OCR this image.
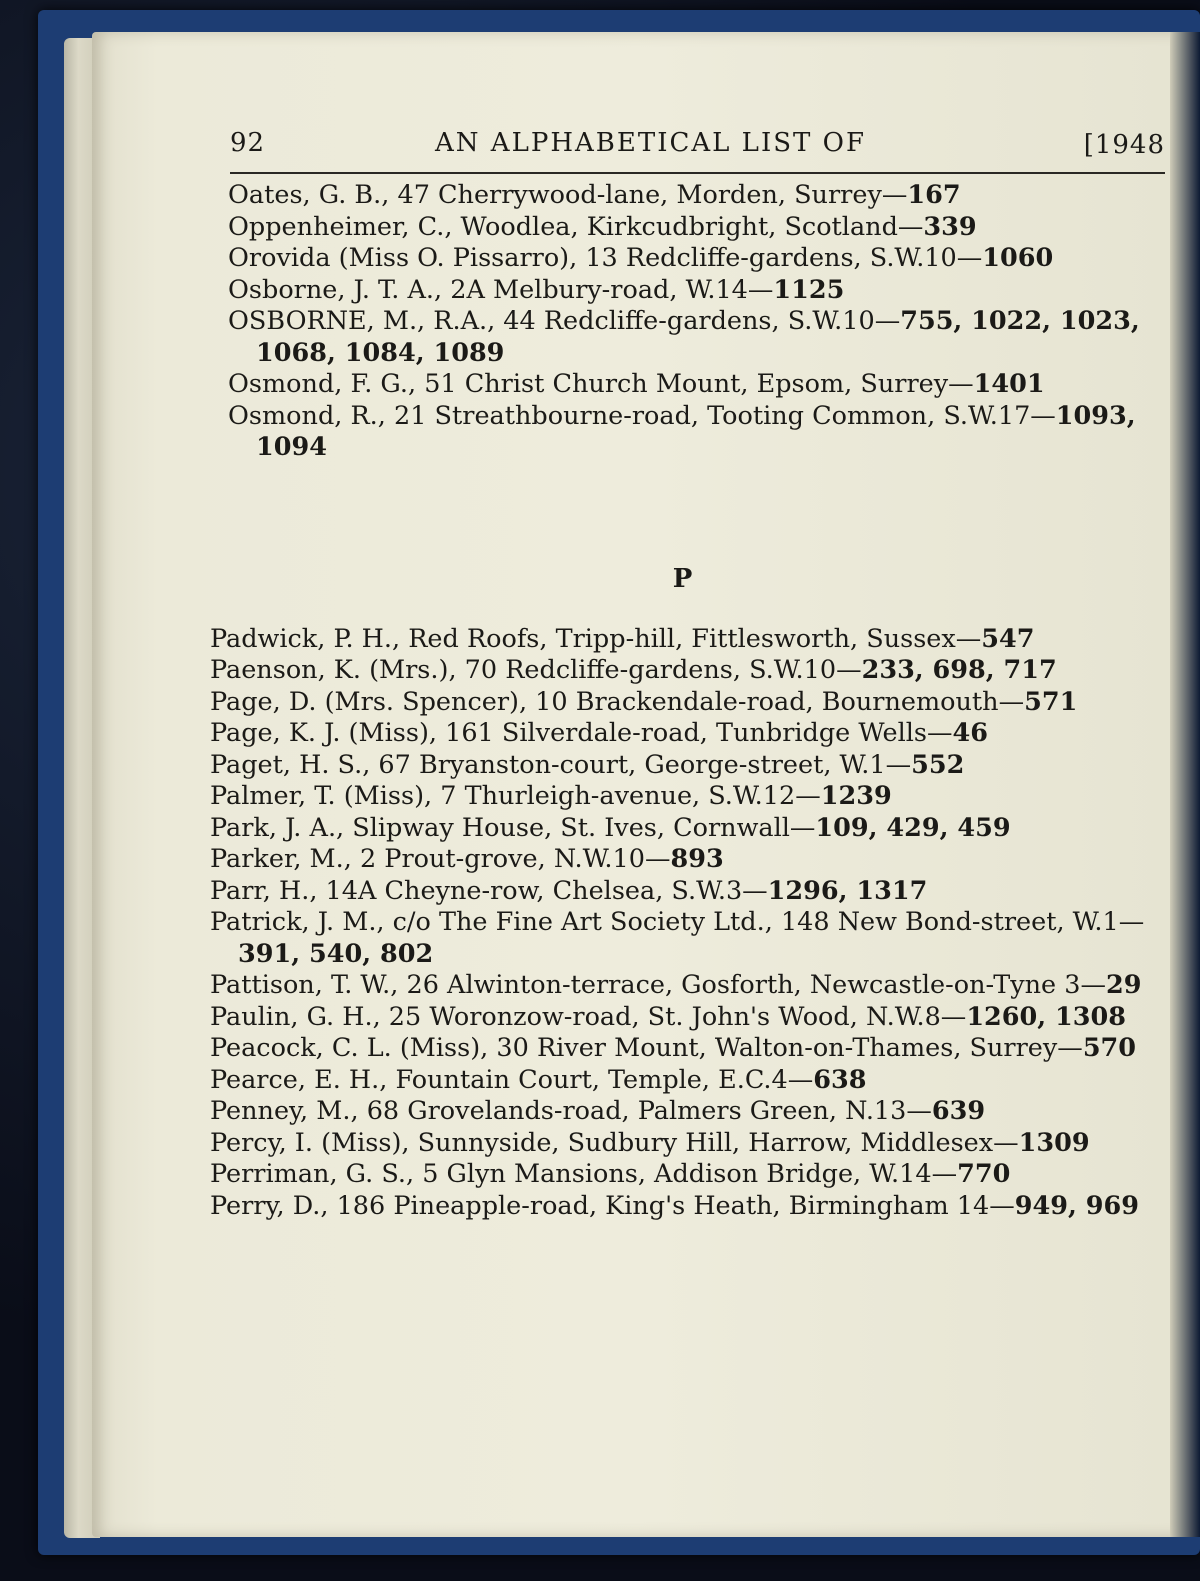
92	AN ALPHABETICAL LIST OF	[1948
Oates, G. B., 47 Cherrywood-lane, Morden, Surrey—167
Oppenheimer, C., Woodlea, Kirkcudbright, Scotland—339
Orovida (Miss O. Pissarro), 13 Redcliffe-gardens, S.W.10—1060
Osborne, J. T. A., 2A Melbury-road, W.14—1125
OSBORNE, M., R.A., 44 Redcliffe-gardens, S.W.10—755, 1022, 1023, 1068, 1084, 1089
Osmond, F. G., 51 Christ Church Mount, Epsom, Surrey—1401
Osmond, R., 21 Streathbourne-road, Tooting Common, S.W.17—1093, 1094
P
Padwick, P. H., Red Roofs, Tripp-hill, Fittlesworth, Sussex—547
Paenson, K. (Mrs.), 70 Redcliffe-gardens, S.W.10—233, 698, 717
Page, D. (Mrs. Spencer), 10 Brackendale-road, Bournemouth—571
Page, K. J. (Miss), 161 Silverdale-road, Tunbridge Wells—46
Paget, H. S., 67 Bryanston-court, George-street, W.1—552
Palmer, T. (Miss), 7 Thurleigh-avenue, S.W.12—1239
Park, J. A., Slipway House, St. Ives, Cornwall—109, 429, 459
Parker, M., 2 Prout-grove, N.W.10—893
Parr, H., 14A Cheyne-row, Chelsea, S.W.3—1296, 1317
Patrick, J. M., c/o The Fine Art Society Ltd., 148 New Bond-street, W.1—391, 540, 802
Pattison, T. W., 26 Alwinton-terrace, Gosforth, Newcastle-on-Tyne 3—29
Paulin, G. H., 25 Woronzow-road, St. John's Wood, N.W.8—1260, 1308
Peacock, C. L. (Miss), 30 River Mount, Walton-on-Thames, Surrey—570
Pearce, E. H., Fountain Court, Temple, E.C.4—638
Penney, M., 68 Grovelands-road, Palmers Green, N.13—639
Percy, I. (Miss), Sunnyside, Sudbury Hill, Harrow, Middlesex—1309
Perriman, G. S., 5 Glyn Mansions, Addison Bridge, W.14—770
Perry, D., 186 Pineapple-road, King's Heath, Birmingham 14—949, 969
